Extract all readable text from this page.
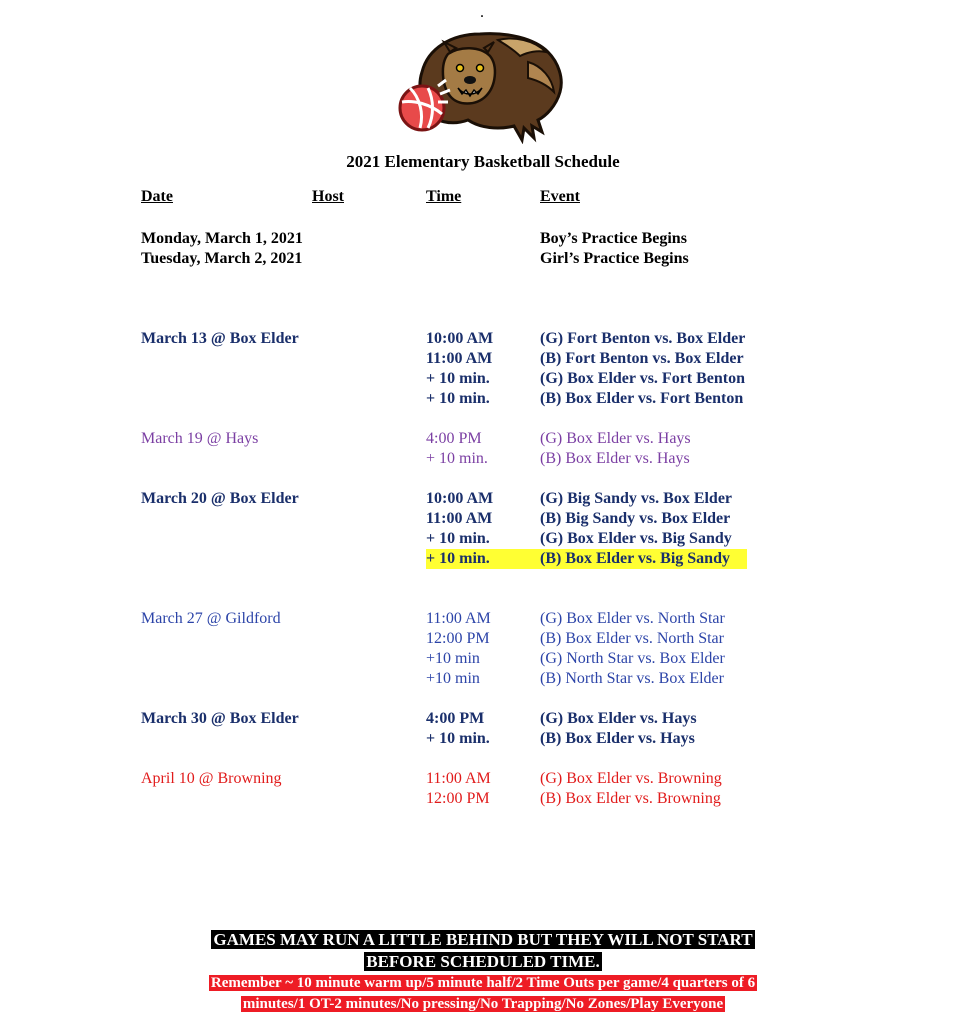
.
2021 Elementary Basketball Schedule
Date	Host	Time	Event
Monday, March 1, 2021	Boy’s Practice Begins
Tuesday, March 2, 2021	Girl’s Practice Begins
March 13 @ Box Elder	10:00 AM	(G) Fort Benton vs. Box Elder
11:00 AM	(B) Fort Benton vs. Box Elder
+ 10 min.	(G) Box Elder vs. Fort Benton
+ 10 min.	(B) Box Elder vs. Fort Benton
March 19 @ Hays	4:00 PM	(G) Box Elder vs. Hays
+ 10 min.	(B) Box Elder vs. Hays
March 20 @ Box Elder	10:00 AM	(G) Big Sandy vs. Box Elder
11:00 AM	(B) Big Sandy vs. Box Elder
+ 10 min.	(G) Box Elder vs. Big Sandy
+ 10 min.	(B) Box Elder vs. Big Sandy
March 27 @ Gildford	11:00 AM	(G) Box Elder vs. North Star
12:00 PM	(B) Box Elder vs. North Star
+10 min	(G) North Star vs. Box Elder
+10 min	(B) North Star vs. Box Elder
March 30 @ Box Elder	4:00 PM	(G) Box Elder vs. Hays
+ 10 min.	(B) Box Elder vs. Hays
April 10 @ Browning	11:00 AM	(G) Box Elder vs. Browning
12:00 PM	(B) Box Elder vs. Browning
GAMES MAY RUN A LITTLE BEHIND BUT THEY WILL NOT START
BEFORE SCHEDULED TIME.
Remember ~ 10 minute warm up/5 minute half/2 Time Outs per game/4 quarters of 6
minutes/1 OT-2 minutes/No pressing/No Trapping/No Zones/Play Everyone
